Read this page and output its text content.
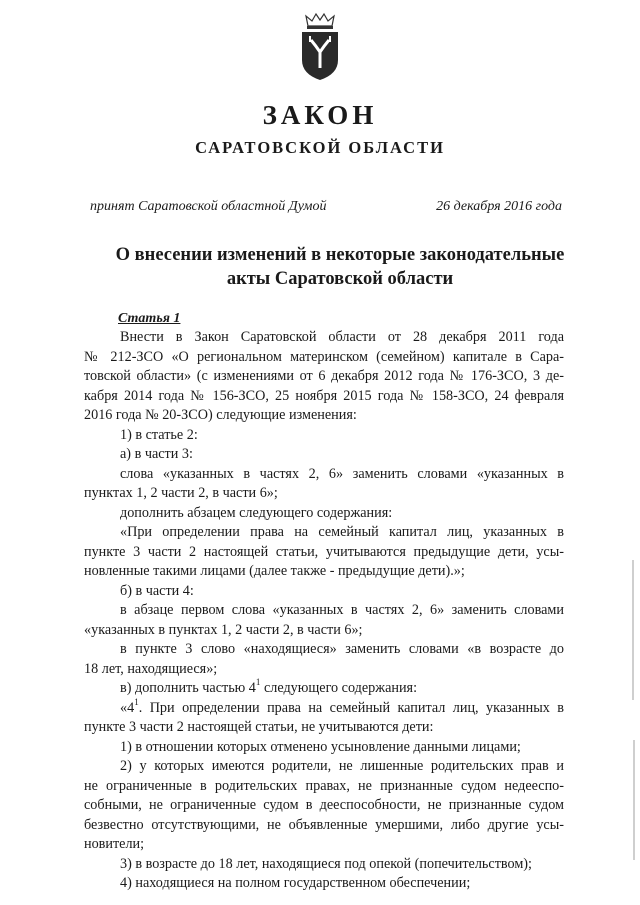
ЗАКОН
САРАТОВСКОЙ ОБЛАСТИ
принят Саратовской областной Думой	26 декабря 2016 года
О внесении изменений в некоторые законодательные
акты Саратовской области
Статья 1
Внести в Закон Саратовской области от 28 декабря 2011 года
№ 212-ЗСО «О региональном материнском (семейном) капитале в Сара-
товской области» (с изменениями от 6 декабря 2012 года № 176-ЗСО, 3 де-
кабря 2014 года № 156-ЗСО, 25 ноября 2015 года № 158-ЗСО, 24 февраля
2016 года № 20-ЗСО) следующие изменения:
1) в статье 2:
а) в части 3:
слова «указанных в частях 2, 6» заменить словами «указанных в
пунктах 1, 2 части 2, в части 6»;
дополнить абзацем следующего содержания:
«При определении права на семейный капитал лиц, указанных в
пункте 3 части 2 настоящей статьи, учитываются предыдущие дети, усы-
новленные такими лицами (далее также - предыдущие дети).»;
б) в части 4:
в абзаце первом слова «указанных в частях 2, 6» заменить словами
«указанных в пунктах 1, 2 части 2, в части 6»;
в пункте 3 слово «находящиеся» заменить словами «в возрасте до
18 лет, находящиеся»;
в) дополнить частью $4^1$ следующего содержания:
«$4^1$. При определении права на семейный капитал лиц, указанных в
пункте 3 части 2 настоящей статьи, не учитываются дети:
1) в отношении которых отменено усыновление данными лицами;
2) у которых имеются родители, не лишенные родительских прав и
не ограниченные в родительских правах, не признанные судом недееспо-
собными, не ограниченные судом в дееспособности, не признанные судом
безвестно отсутствующими, не объявленные умершими, либо другие усы-
новители;
3) в возрасте до 18 лет, находящиеся под опекой (попечительством);
4) находящиеся на полном государственном обеспечении;
